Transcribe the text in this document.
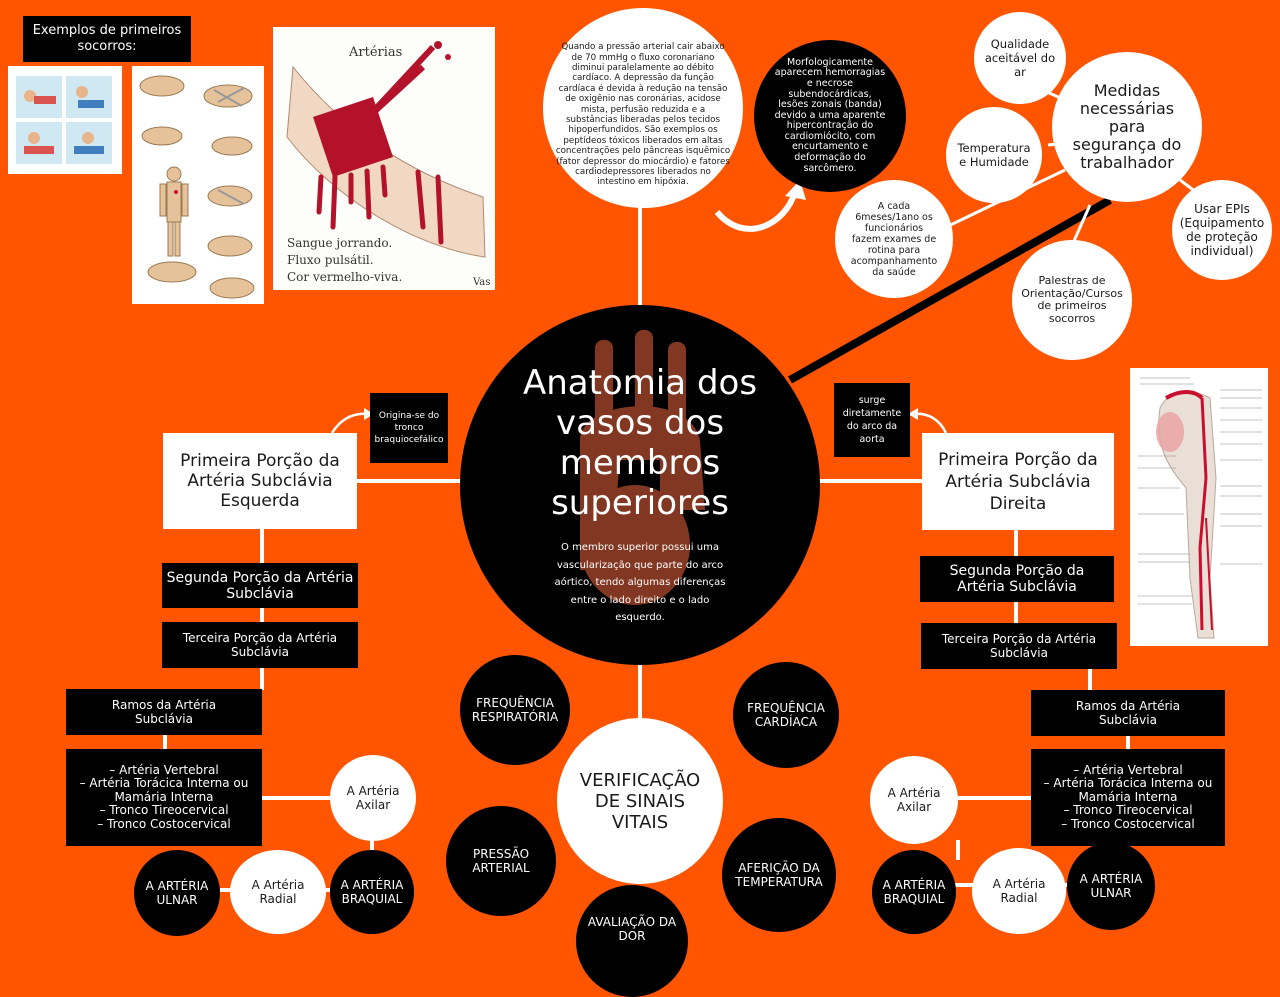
Exemplos de primeiros socorros:	Artérias
Sangue jorrando.
Fluxo pulsátil.
Cor vermelho-viva.	Vas
Quando a pressão arterial cair abaixo de 70 mmHg o fluxo coronariano diminui paralelamente ao débito cardíaco. A depressão da função cardíaca é devida à redução na tensão de oxigênio nas coronárias, acidose mista, perfusão reduzida e a substâncias liberadas pelos tecidos hipoperfundidos. São exemplos os peptídeos tóxicos liberados em altas concentrações pelo pâncreas isquêmico (fator depressor do miocárdio) e fatores cardiodepressores liberados no intestino em hipóxia.
Morfologicamente aparecem hemorragias e necrose subendocárdicas, lesões zonais (banda) devido a uma aparente hipercontração do cardiomiócito, com encurtamento e deformação do sarcômero.
Qualidade aceitável do ar
Temperatura e Humidade
Medidas necessárias para segurança do trabalhador
A cada 6meses/1ano os funcionários fazem exames de rotina para acompanhamento da saúde
Palestras de Orientação/Cursos de primeiros socorros
Usar EPIs (Equipamento de proteção individual)
Anatomia dos vasos dos membros superiores
O membro superior possui uma vascularização que parte do arco aórtico, tendo algumas diferenças entre o lado direito e o lado esquerdo.
Origina-se do tronco braquiocefálico
Primeira Porção da Artéria Subclávia Esquerda
Segunda Porção da Artéria Subclávia
Terceira Porção da Artéria Subclávia
Ramos da Artéria Subclávia
– Artéria Vertebral
– Artéria Torácica Interna ou Mamária Interna
– Tronco Tireocervical
– Tronco Costocervical
A Artéria Axilar
A ARTÉRIA BRAQUIAL
A Artéria Radial
A ARTÉRIA ULNAR
surge diretamente do arco da aorta
Primeira Porção da Artéria Subclávia Direita
Segunda Porção da Artéria Subclávia
Terceira Porção da Artéria Subclávia
Ramos da Artéria Subclávia
– Artéria Vertebral
– Artéria Torácica Interna ou Mamária Interna
– Tronco Tireocervical
– Tronco Costocervical
A Artéria Axilar
A ARTÉRIA BRAQUIAL
A Artéria Radial
A ARTÉRIA ULNAR
FREQUÊNCIA RESPIRATÓRIA
FREQUÊNCIA CARDÍACA
VERIFICAÇÃO DE SINAIS VITAIS
PRESSÃO ARTERIAL	AFERIÇÃO DA TEMPERATURA
AVALIAÇÃO DA DOR
